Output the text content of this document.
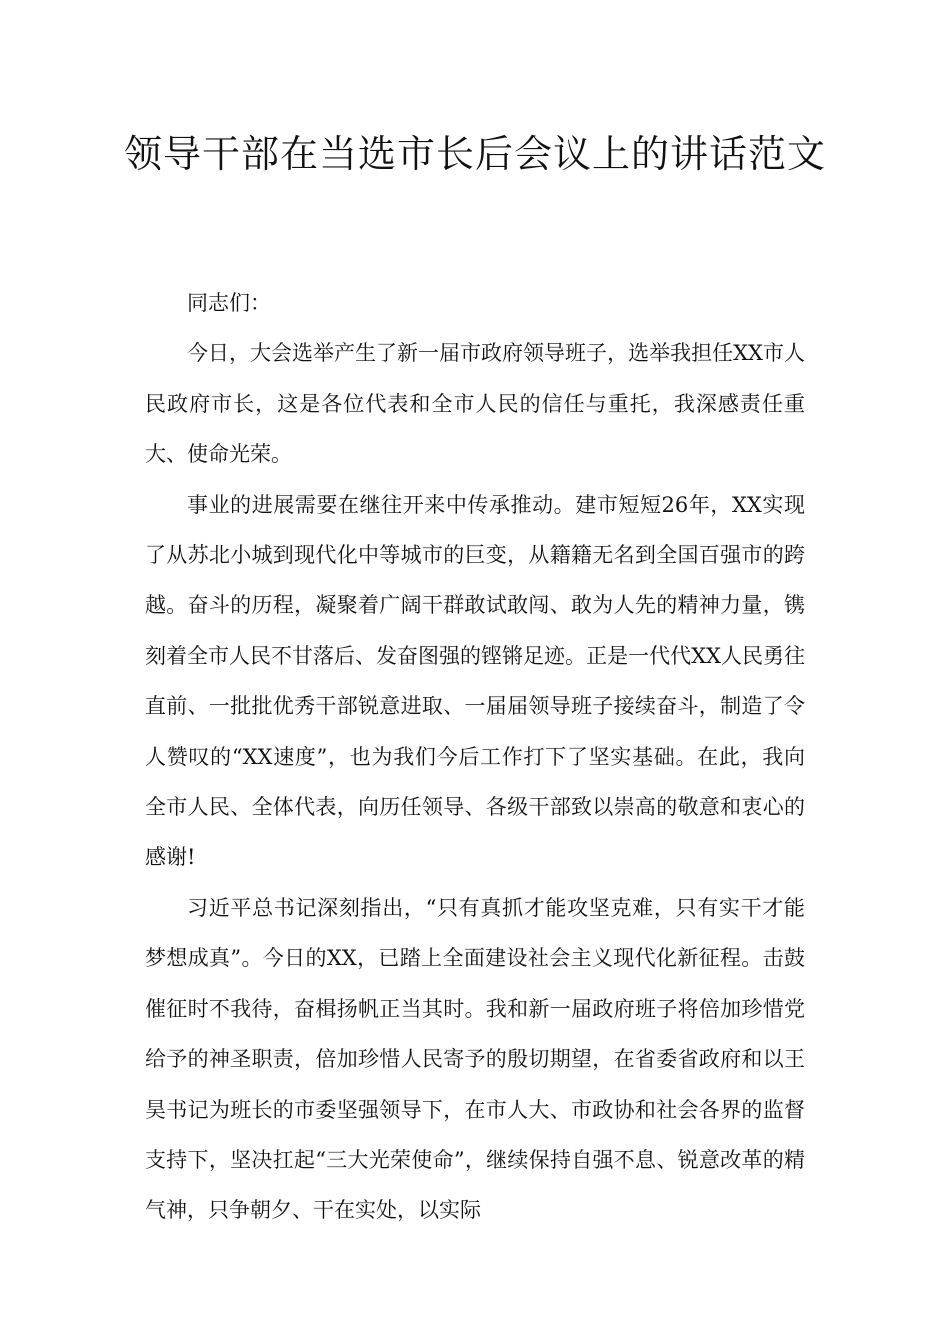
领导干部在当选市长后会议上的讲话范文

同志们：

今日，大会选举产生了新一届市政府领导班子，选举我担任XX市人民政府市长，这是各位代表和全市人民的信任与重托，我深感责任重大、使命光荣。

事业的进展需要在继往开来中传承推动。建市短短26年，XX实现了从苏北小城到现代化中等城市的巨变，从籍籍无名到全国百强市的跨越。奋斗的历程，凝聚着广阔干群敢试敢闯、敢为人先的精神力量，镌刻着全市人民不甘落后、发奋图强的铿锵足迹。正是一代代XX人民勇往直前、一批批优秀干部锐意进取、一届届领导班子接续奋斗，制造了令人赞叹的“XX速度”，也为我们今后工作打下了坚实基础。在此，我向全市人民、全体代表，向历任领导、各级干部致以崇高的敬意和衷心的感谢!

习近平总书记深刻指出，“只有真抓才能攻坚克难，只有实干才能梦想成真”。今日的XX，已踏上全面建设社会主义现代化新征程。击鼓催征时不我待，奋楫扬帆正当其时。我和新一届政府班子将倍加珍惜党给予的神圣职责，倍加珍惜人民寄予的殷切期望，在省委省政府和以王昊书记为班长的市委坚强领导下，在市人大、市政协和社会各界的监督支持下，坚决扛起“三大光荣使命”，继续保持自强不息、锐意改革的精气神，只争朝夕、干在实处，以实际
